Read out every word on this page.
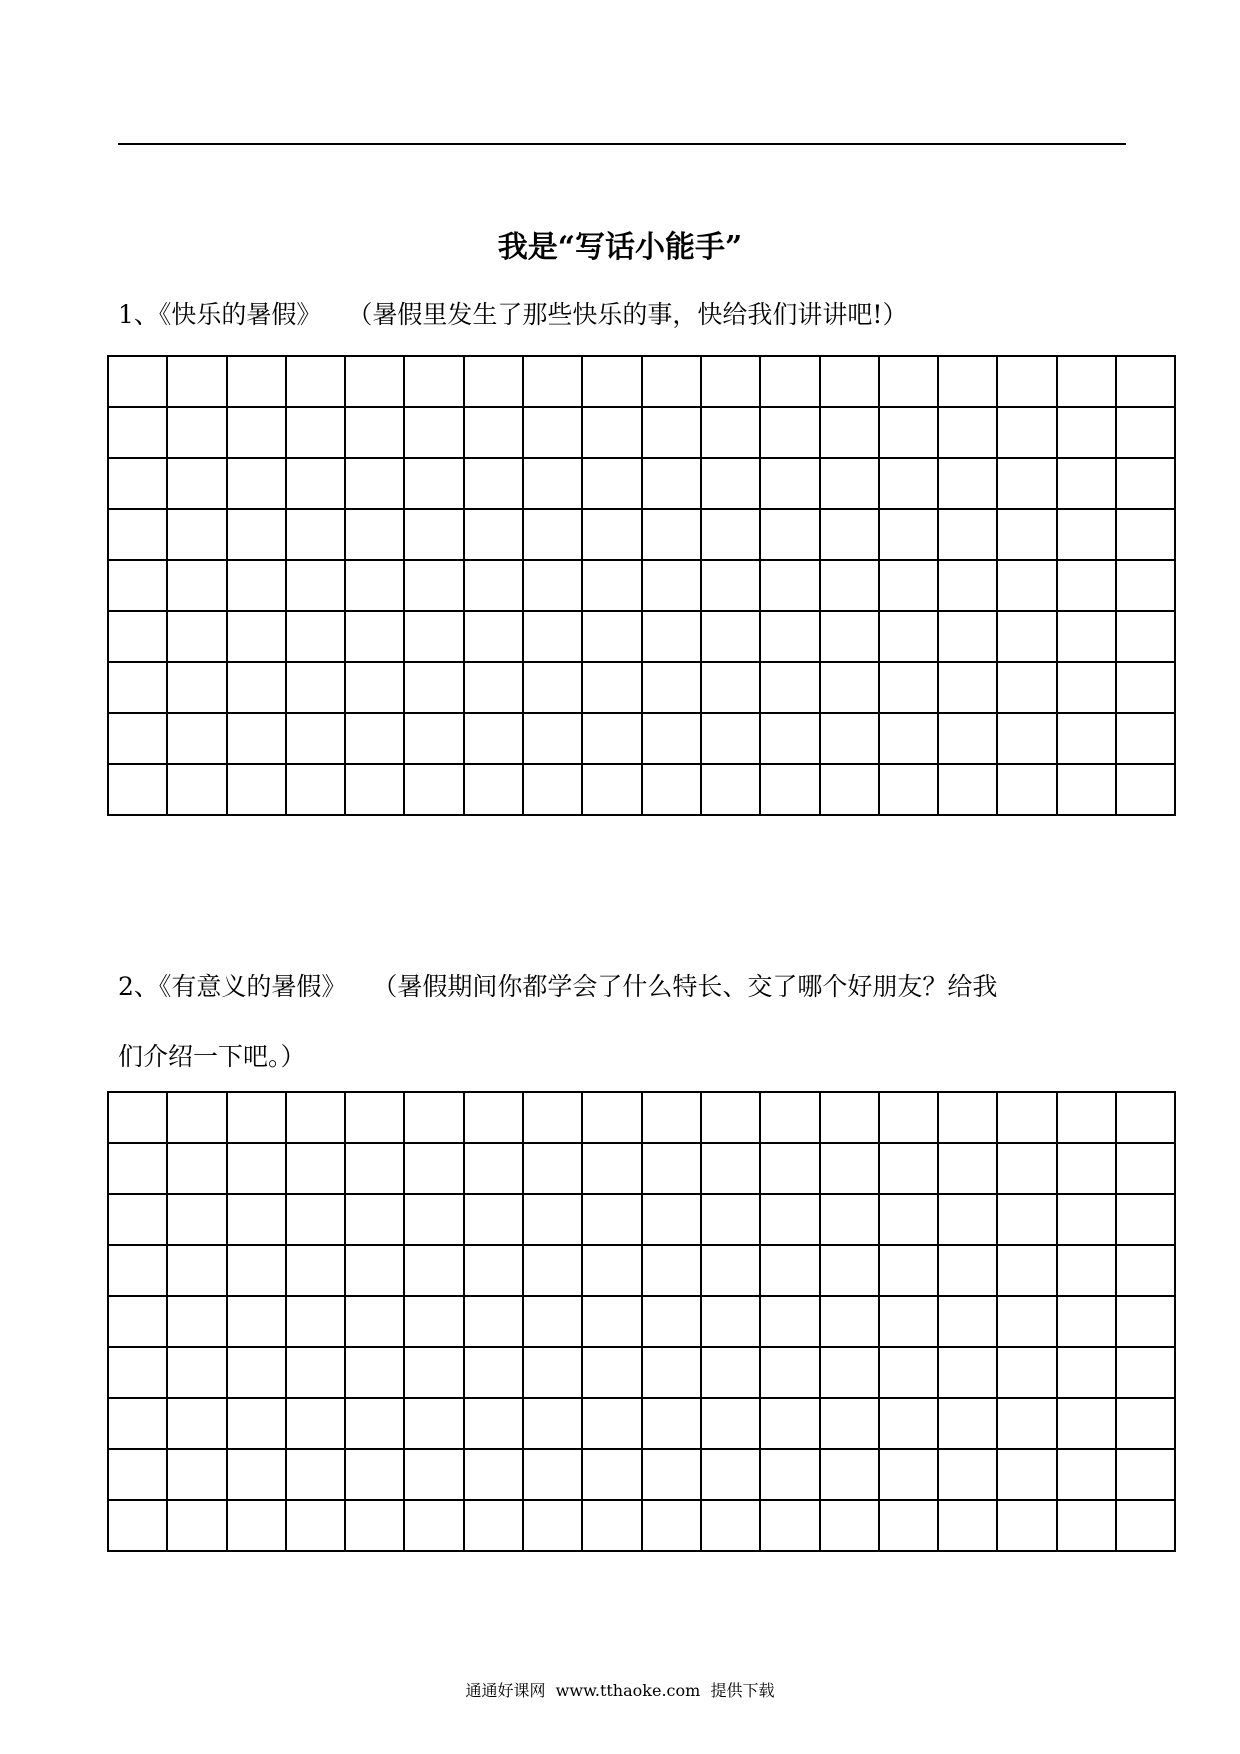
我是“写话小能手”

1、《快乐的暑假》 （暑假里发生了那些快乐的事，快给我们讲讲吧!）

2、《有意义的暑假》 （暑假期间你都学会了什么特长、交了哪个好朋友？给我

们介绍一下吧。）

通通好课网  www.tthaoke.com  提供下载
